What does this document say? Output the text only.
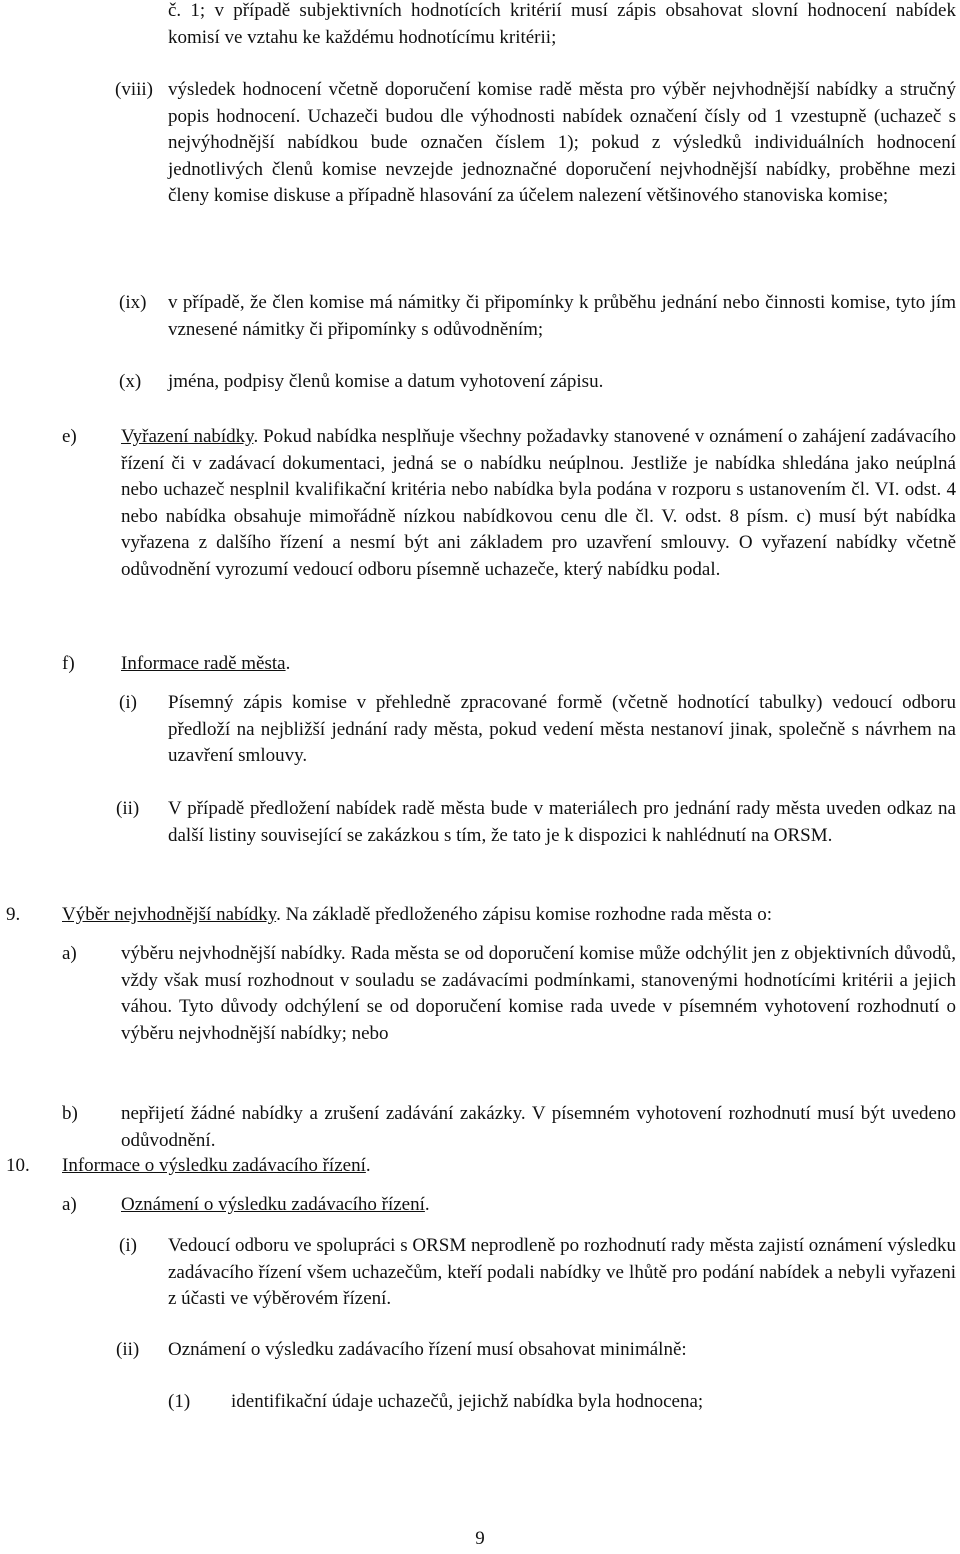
č. 1; v případě subjektivních hodnotících kritérií musí zápis obsahovat slovní hodnocení nabídek komisí ve vztahu ke každému hodnotícímu kritérii;
(viii) výsledek hodnocení včetně doporučení komise radě města pro výběr nejvhodnější nabídky a stručný popis hodnocení. Uchazeči budou dle výhodnosti nabídek označení čísly od 1 vzestupně (uchazeč s nejvýhodnější nabídkou bude označen číslem 1); pokud z výsledků individuálních hodnocení jednotlivých členů komise nevzejde jednoznačné doporučení nejvhodnější nabídky, proběhne mezi členy komise diskuse a případně hlasování za účelem nalezení většinového stanoviska komise;
(ix) v případě, že člen komise má námitky či připomínky k průběhu jednání nebo činnosti komise, tyto jím vznesené námitky či připomínky s odůvodněním;
(x) jména, podpisy členů komise a datum vyhotovení zápisu.
e) Vyřazení nabídky. Pokud nabídka nesplňuje všechny požadavky stanovené v oznámení o zahájení zadávacího řízení či v zadávací dokumentaci, jedná se o nabídku neúplnou. Jestliže je nabídka shledána jako neúplná nebo uchazeč nesplnil kvalifikační kritéria nebo nabídka byla podána v rozporu s ustanovením čl. VI. odst. 4 nebo nabídka obsahuje mimořádně nízkou nabídkovou cenu dle čl. V. odst. 8 písm. c) musí být nabídka vyřazena z dalšího řízení a nesmí být ani základem pro uzavření smlouvy. O vyřazení nabídky včetně odůvodnění vyrozumí vedoucí odboru písemně uchazeče, který nabídku podal.
f) Informace radě města.
(i) Písemný zápis komise v přehledně zpracované formě (včetně hodnotící tabulky) vedoucí odboru předloží na nejbližší jednání rady města, pokud vedení města nestanoví jinak, společně s návrhem na uzavření smlouvy.
(ii) V případě předložení nabídek radě města bude v materiálech pro jednání rady města uveden odkaz na další listiny související se zakázkou s tím, že tato je k dispozici k nahlédnutí na ORSM.
9. Výběr nejvhodnější nabídky. Na základě předloženého zápisu komise rozhodne rada města o:
a) výběru nejvhodnější nabídky. Rada města se od doporučení komise může odchýlit jen z objektivních důvodů, vždy však musí rozhodnout v souladu se zadávacími podmínkami, stanovenými hodnotícími kritérii a jejich váhou. Tyto důvody odchýlení se od doporučení komise rada uvede v písemném vyhotovení rozhodnutí o výběru nejvhodnější nabídky; nebo
b) nepřijetí žádné nabídky a zrušení zadávání zakázky. V písemném vyhotovení rozhodnutí musí být uvedeno odůvodnění.
10. Informace o výsledku zadávacího řízení.
a) Oznámení o výsledku zadávacího řízení.
(i) Vedoucí odboru ve spolupráci s ORSM neprodleně po rozhodnutí rady města zajistí oznámení výsledku zadávacího řízení všem uchazečům, kteří podali nabídky ve lhůtě pro podání nabídek a nebyli vyřazeni z účasti ve výběrovém řízení.
(ii) Oznámení o výsledku zadávacího řízení musí obsahovat minimálně:
(1) identifikační údaje uchazečů, jejichž nabídka byla hodnocena;
9
